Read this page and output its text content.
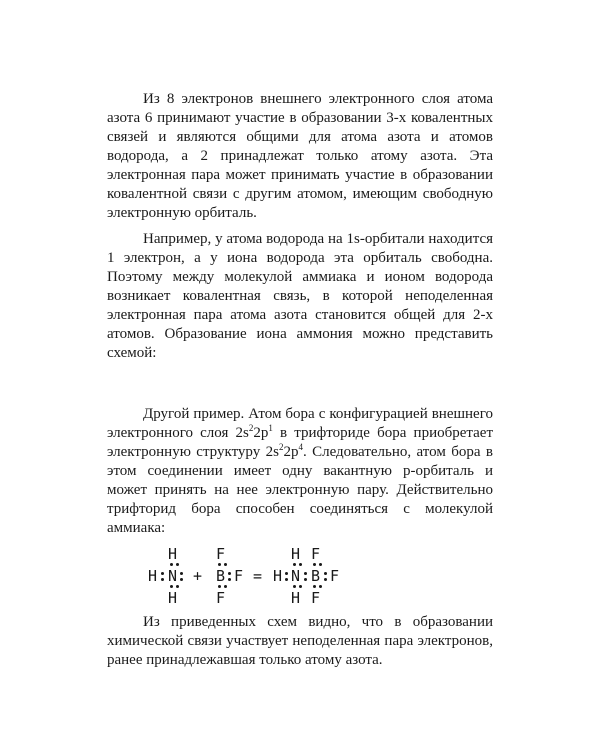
Из 8 электронов внешнего электронного слоя атома азота 6 принимают участие в образовании 3-х ковалентных связей и являются общими для атома азота и атомов водорода, а 2 принадлежат только атому азота. Эта электронная пара может принимать участие в образовании ковалентной связи с другим атомом, имеющим свободную электронную орбиталь.

Например, у атома водорода на 1s-орбитали находится 1 электрон, а у иона водорода эта орбиталь свободна. Поэтому между молекулой аммиака и ионом водорода возникает ковалентная связь, в которой неподеленная электронная пара атома азота становится общей для 2-х атомов. Образование иона аммония можно представить схемой:

Другой пример. Атом бора с конфигурацией внешнего электронного слоя $2s^22p^1$ в трифториде бора приобретает электронную структуру $2s^22p^4$. Следовательно, атом бора в этом соединении имеет одну вакантную p-орбиталь и может принять на нее электронную пару. Действительно трифторид бора способен соединяться с молекулой аммиака:

H
H N
H
+
F
B F
F
= H
H
N
H
F
B
F
F

Из приведенных схем видно, что в образовании химической связи участвует неподеленная пара электронов, ранее принадлежавшая только атому азота.
